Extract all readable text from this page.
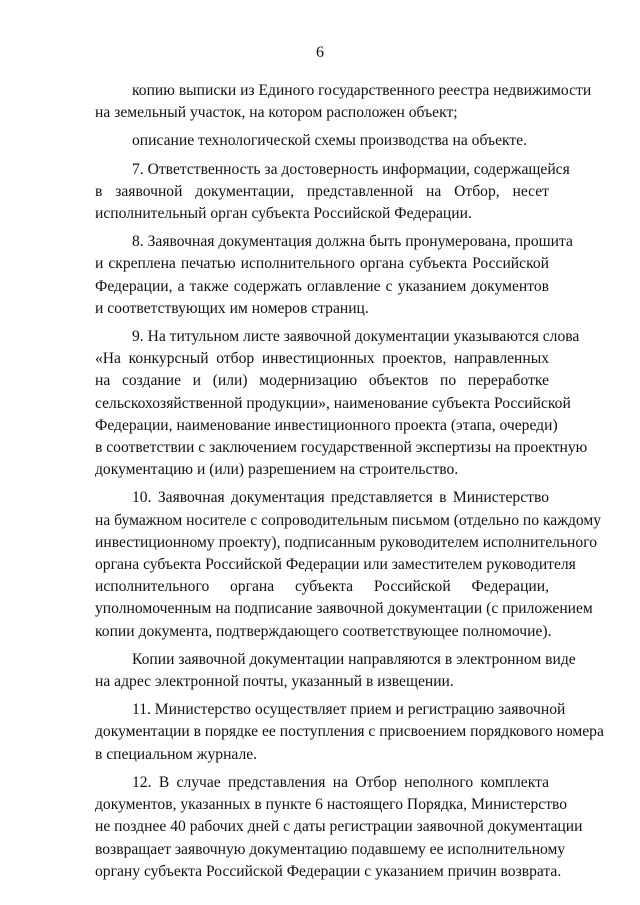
6
копию выписки из Единого государственного реестра недвижимости
на земельный участок, на котором расположен объект;
описание технологической схемы производства на объекте.
7. Ответственность за достоверность информации, содержащейся
в заявочной документации, представленной на Отбор, несет
исполнительный орган субъекта Российской Федерации.
8. Заявочная документация должна быть пронумерована, прошита
и скреплена печатью исполнительного органа субъекта Российской
Федерации, а также содержать оглавление с указанием документов
и соответствующих им номеров страниц.
9. На титульном листе заявочной документации указываются слова
«На конкурсный отбор инвестиционных проектов, направленных
на создание и (или) модернизацию объектов по переработке
сельскохозяйственной продукции», наименование субъекта Российской
Федерации, наименование инвестиционного проекта (этапа, очереди)
в соответствии с заключением государственной экспертизы на проектную
документацию и (или) разрешением на строительство.
10. Заявочная документация представляется в Министерство
на бумажном носителе с сопроводительным письмом (отдельно по каждому
инвестиционному проекту), подписанным руководителем исполнительного
органа субъекта Российской Федерации или заместителем руководителя
исполнительного органа субъекта Российской Федерации,
уполномоченным на подписание заявочной документации (с приложением
копии документа, подтверждающего соответствующее полномочие).
Копии заявочной документации направляются в электронном виде
на адрес электронной почты, указанный в извещении.
11. Министерство осуществляет прием и регистрацию заявочной
документации в порядке ее поступления с присвоением порядкового номера
в специальном журнале.
12. В случае представления на Отбор неполного комплекта
документов, указанных в пункте 6 настоящего Порядка, Министерство
не позднее 40 рабочих дней с даты регистрации заявочной документации
возвращает заявочную документацию подавшему ее исполнительному
органу субъекта Российской Федерации с указанием причин возврата.
